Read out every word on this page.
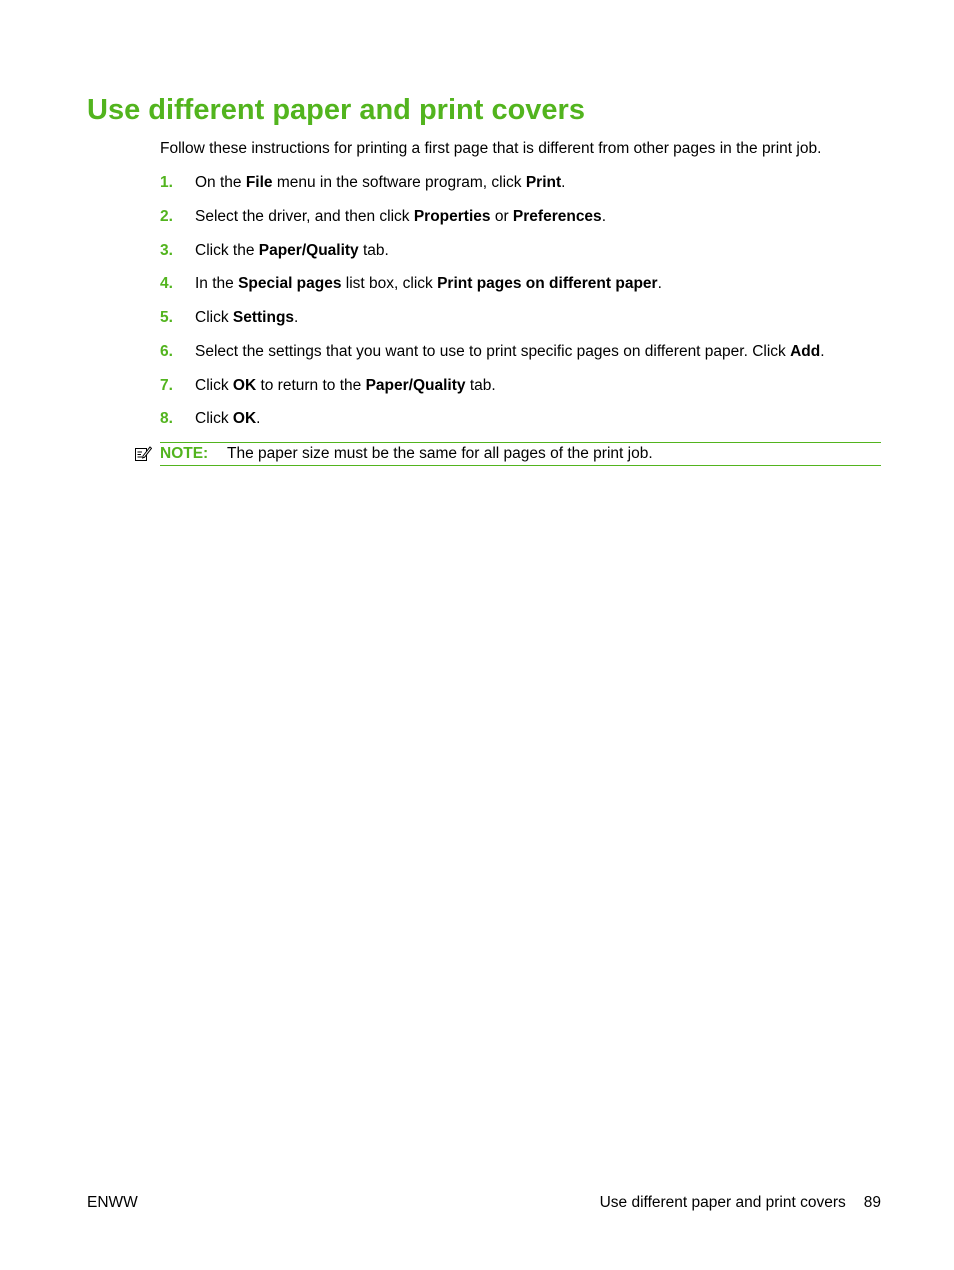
Use different paper and print covers

Follow these instructions for printing a first page that is different from other pages in the print job.

1. On the File menu in the software program, click Print.
2. Select the driver, and then click Properties or Preferences.
3. Click the Paper/Quality tab.
4. In the Special pages list box, click Print pages on different paper.
5. Click Settings.
6. Select the settings that you want to use to print specific pages on different paper. Click Add.
7. Click OK to return to the Paper/Quality tab.
8. Click OK.
NOTE: The paper size must be the same for all pages of the print job.
ENWW	Use different paper and print covers 89
